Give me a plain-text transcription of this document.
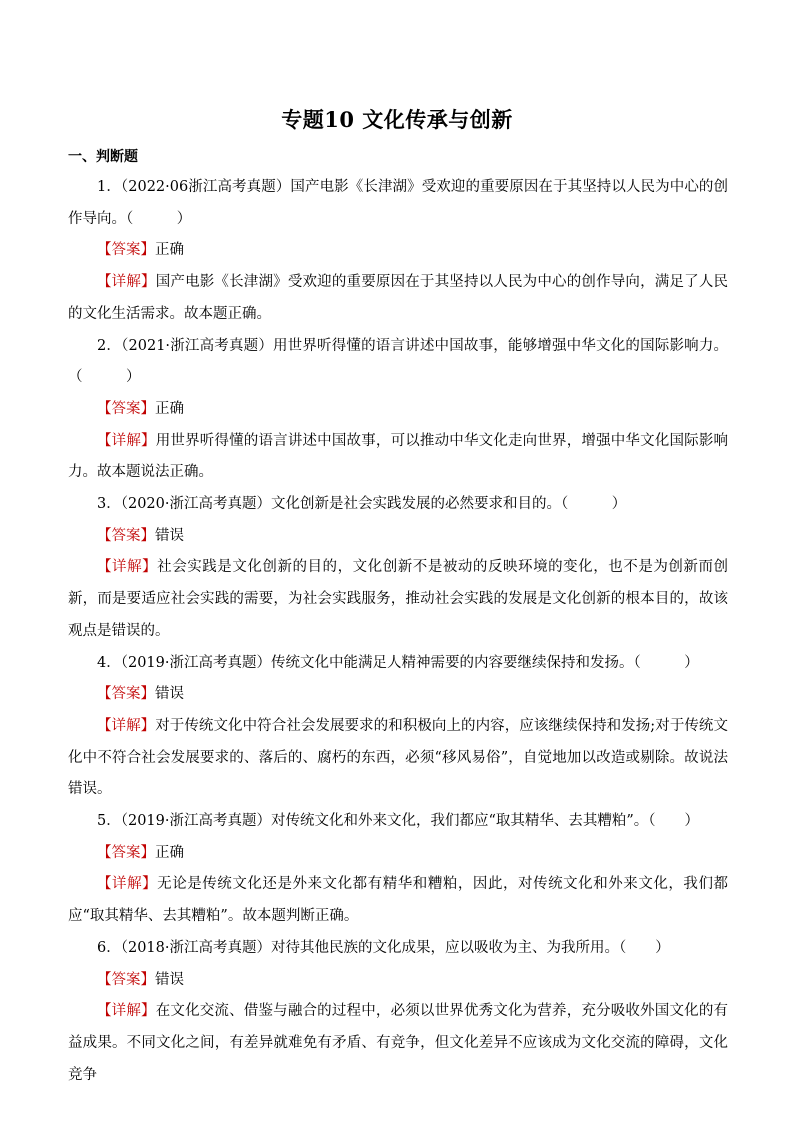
专题10 文化传承与创新
一、判断题

1．（2022·06浙江高考真题）国产电影《长津湖》受欢迎的重要原因在于其坚持以人民为中心的创作导向。（　　　）

【答案】正确

【详解】国产电影《长津湖》受欢迎的重要原因在于其坚持以人民为中心的创作导向，满足了人民的文化生活需求。故本题正确。

2．（2021·浙江高考真题）用世界听得懂的语言讲述中国故事，能够增强中华文化的国际影响力。（　　　）

【答案】正确

【详解】用世界听得懂的语言讲述中国故事，可以推动中华文化走向世界，增强中华文化国际影响力。故本题说法正确。

3．（2020·浙江高考真题）文化创新是社会实践发展的必然要求和目的。（　　　）

【答案】错误

【详解】社会实践是文化创新的目的，文化创新不是被动的反映环境的变化，也不是为创新而创新，而是要适应社会实践的需要，为社会实践服务，推动社会实践的发展是文化创新的根本目的，故该观点是错误的。

4．（2019·浙江高考真题）传统文化中能满足人精神需要的内容要继续保持和发扬。（　　　）

【答案】错误

【详解】对于传统文化中符合社会发展要求的和积极向上的内容，应该继续保持和发扬;对于传统文化中不符合社会发展要求的、落后的、腐朽的东西，必须“移风易俗”，自觉地加以改造或剔除。故说法错误。

5．（2019·浙江高考真题）对传统文化和外来文化，我们都应“取其精华、去其糟粕”。（　　）

【答案】正确

【详解】无论是传统文化还是外来文化都有精华和糟粕，因此，对传统文化和外来文化，我们都应“取其精华、去其糟粕”。故本题判断正确。

6．（2018·浙江高考真题）对待其他民族的文化成果，应以吸收为主、为我所用。（　　）

【答案】错误

【详解】在文化交流、借鉴与融合的过程中，必须以世界优秀文化为营养，充分吸收外国文化的有益成果。不同文化之间，有差异就难免有矛盾、有竞争，但文化差异不应该成为文化交流的障碍，文化竞争
